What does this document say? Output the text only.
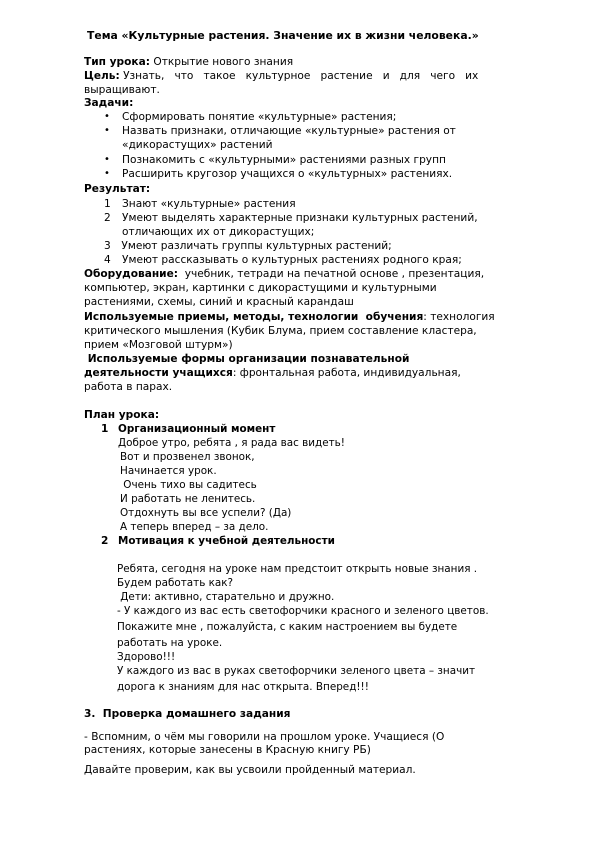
Тема «Культурные растения. Значение их в жизни человека.»
Тип урока: Открытие нового знания
Цель: Узнать,   что   такое   культурное   растение   и   для   чего   их
выращивают.
Задачи:
• Сформировать понятие «культурные» растения;
• Назвать признаки, отличающие «культурные» растения от
«дикорастущих» растений
• Познакомить с «культурными» растениями разных групп
• Расширить кругозор учащихся о «культурных» растениях.
Результат:
1 Знают «культурные» растения
2 Умеют выделять характерные признаки культурных растений,
отличающих их от дикорастущих;
3 Умеют различать группы культурных растений;
4 Умеют рассказывать о культурных растениях родного края;
Оборудование:  учебник, тетради на печатной основе , презентация,
компьютер, экран, картинки с дикорастущими и культурными
растениями, схемы, синий и красный карандаш
Используемые приемы, методы, технологии  обучения: технология
критического мышления (Кубик Блума, прием составление кластера,
прием «Мозговой штурм»)
Используемые формы организации познавательной
деятельности учащихся: фронтальная работа, индивидуальная,
работа в парах.
План урока:
1 Организационный момент
Доброе утро, ребята , я рада вас видеть!
Вот и прозвенел звонок,
Начинается урок.
Очень тихо вы садитесь
И работать не ленитесь.
Отдохнуть вы все успели? (Да)
А теперь вперед – за дело.
2 Мотивация к учебной деятельности
Ребята, сегодня на уроке нам предстоит открыть новые знания .
Будем работать как?
Дети: активно, старательно и дружно.
- У каждого из вас есть светофорчики красного и зеленого цветов.
Покажите мне , пожалуйста, с каким настроением вы будете
работать на уроке.
Здорово!!!
У каждого из вас в руках светофорчики зеленого цвета – значит
дорога к знаниям для нас открыта. Вперед!!!
3.  Проверка домашнего задания
- Вспомним, о чём мы говорили на прошлом уроке. Учащиеся (О
растениях, которые занесены в Красную книгу РБ)
Давайте проверим, как вы усвоили пройденный материал.
